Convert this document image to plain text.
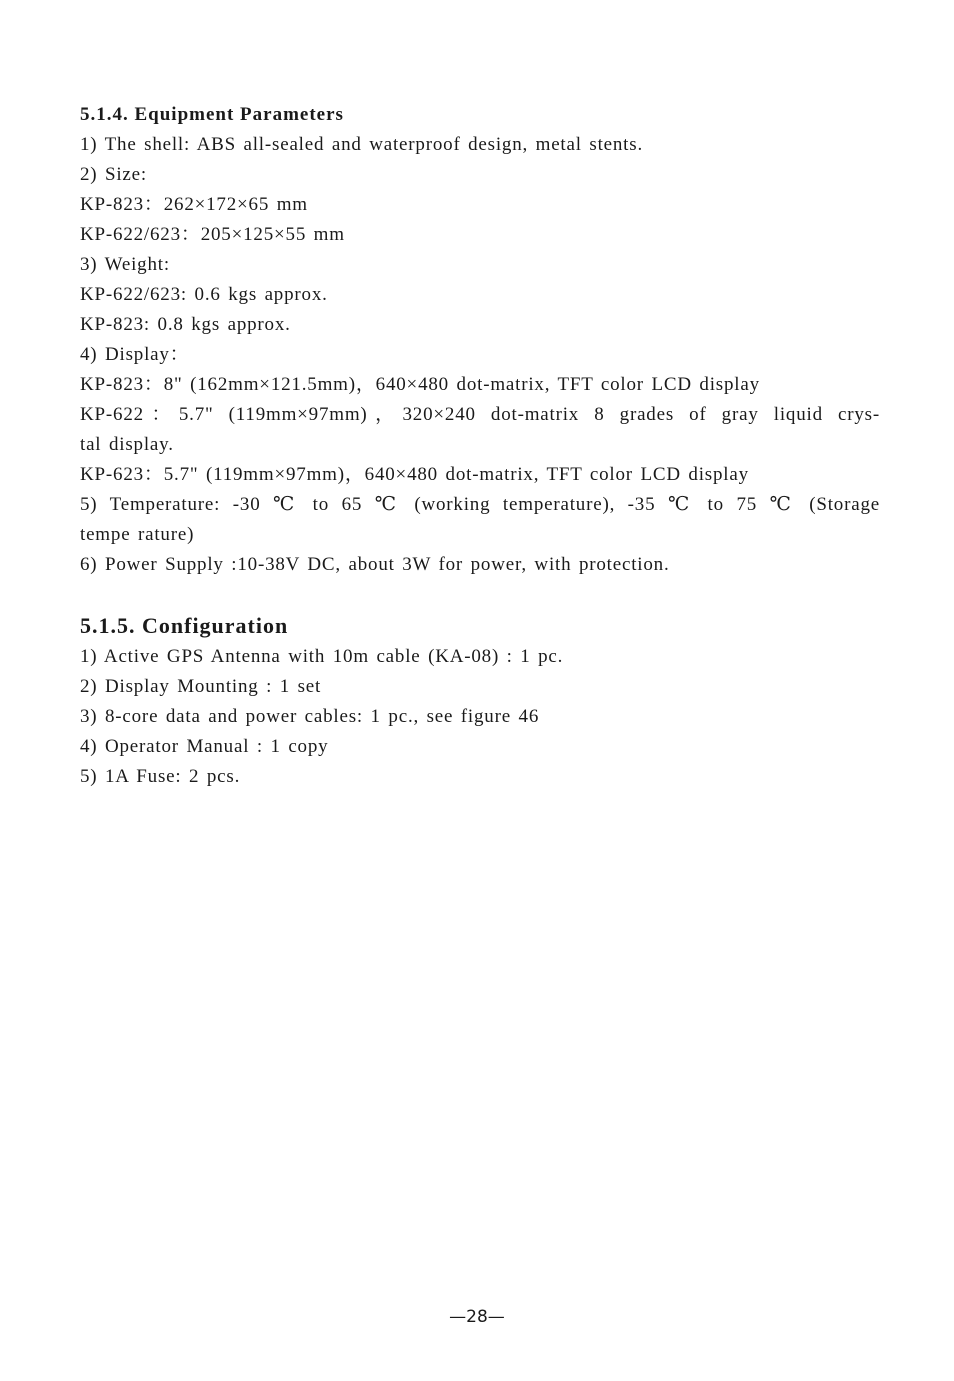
5.1.4. Equipment Parameters
1) The shell: ABS all-sealed and waterproof design, metal stents.
2) Size:
KP-823：262×172×65 mm
KP-622/623：205×125×55 mm
3) Weight:
KP-622/623: 0.6 kgs approx.
KP-823: 0.8 kgs approx.
4) Display：
KP-823：8" (162mm×121.5mm)，640×480 dot-matrix, TFT color LCD display
KP-622：5.7" (119mm×97mm)，320×240 dot-matrix 8 grades of gray liquid crys-
tal display.
KP-623：5.7" (119mm×97mm)，640×480 dot-matrix, TFT color LCD display
5) Temperature: -30 ℃ to 65 ℃ (working temperature), -35 ℃ to 75 ℃ (Storage
tempe rature)
6) Power Supply :10-38V DC, about 3W for power, with protection.
5.1.5. Configuration
1) Active GPS Antenna with 10m cable (KA-08) : 1 pc.
2) Display Mounting : 1 set
3) 8-core data and power cables: 1 pc., see figure 46
4) Operator Manual : 1 copy
5) 1A Fuse: 2 pcs.
—28—
